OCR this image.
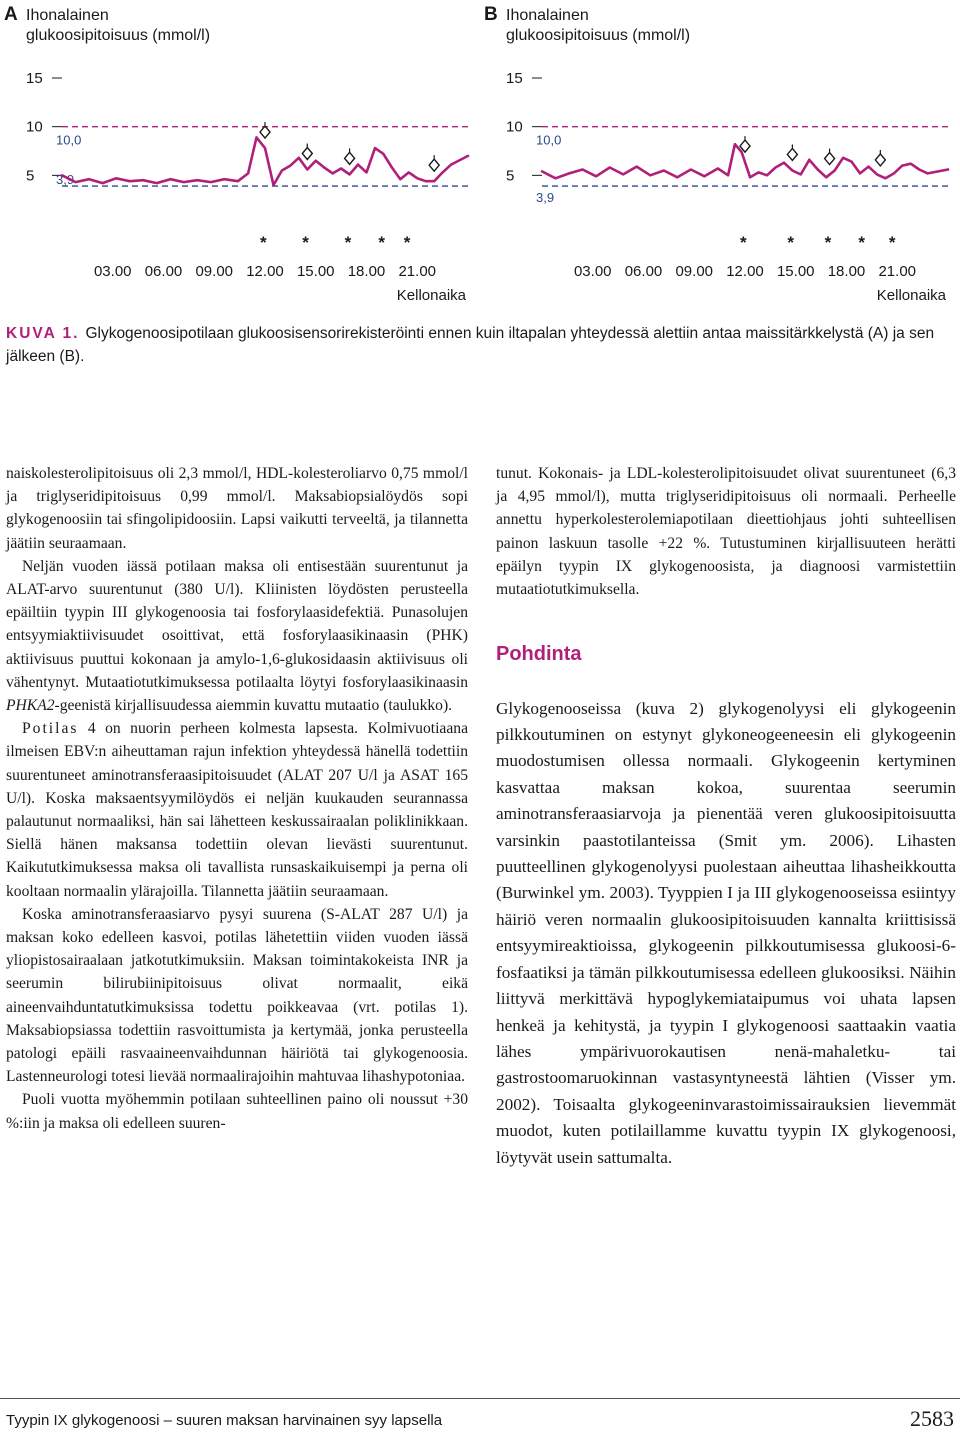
A Ihonalainen
glukoosipitoisuus (mmol/l)
5
10
15
10,0
3,9
* * * * *
03.00 06.00 09.00 12.00 15.00 18.00 21.00
Kellonaika
B Ihonalainen
glukoosipitoisuus (mmol/l)
5
10
15
10,0
3,9
* * * * *
03.00 06.00 09.00 12.00 15.00 18.00 21.00
Kellonaika
KUVA 1. Glykogenoosipotilaan glukoosisensorirekisteröinti ennen kuin iltapalan yhteydessä alettiin antaa maissitärkkelystä (A) ja sen jälkeen (B).

naiskolesterolipitoisuus oli 2,3 mmol/l, HDL-kolesteroliarvo 0,75 mmol/l ja triglyseridipitoisuus 0,99 mmol/l. Maksabiopsialöydös sopi glykogenoosiin tai sfingolipidoosiin. Lapsi vaikutti terveeltä, ja tilannetta jäätiin seuraamaan.

Neljän vuoden iässä potilaan maksa oli entisestään suurentunut ja ALAT-arvo suurentunut (380 U/l). Kliinisten löydösten perusteella epäiltiin tyypin III glykogenoosia tai fosforylaasidefektiä. Punasolujen entsyymiaktiivisuudet osoittivat, että fosforylaasikinaasin (PHK) aktiivisuus puuttui kokonaan ja amylo-1,6-glukosidaasin aktiivisuus oli vähentynyt. Mutaatiotutkimuksessa potilaalta löytyi fosforylaasikinaasin PHKA2-geenistä kirjallisuudessa aiemmin kuvattu mutaatio (taulukko).

Potilas 4 on nuorin perheen kolmesta lapsesta. Kolmivuotiaana ilmeisen EBV:n aiheuttaman rajun infektion yhteydessä hänellä todettiin suurentuneet aminotransferaasipitoisuudet (ALAT 207 U/l ja ASAT 165 U/l). Koska maksaentsyymilöydös ei neljän kuukauden seurannassa palautunut normaaliksi, hän sai lähetteen keskussairaalan poliklinikkaan. Siellä hänen maksansa todettiin olevan lievästi suurentunut. Kaikututkimuksessa maksa oli tavallista runsaskaikuisempi ja perna oli kooltaan normaalin ylärajoilla. Tilannetta jäätiin seuraamaan.

Koska aminotransferaasiarvo pysyi suurena (S-ALAT 287 U/l) ja maksan koko edelleen kasvoi, potilas lähetettiin viiden vuoden iässä yliopistosairaalaan jatkotutkimuksiin. Maksan toimintakokeista INR ja seerumin bilirubiinipitoisuus olivat normaalit, eikä aineenvaihduntatutkimuksissa todettu poikkeavaa (vrt. potilas 1). Maksabiopsiassa todettiin rasvoittumista ja kertymää, jonka perusteella patologi epäili rasvaaineenvaihdunnan häiriötä tai glykogenoosia. Lastenneurologi totesi lievää normaalirajoihin mahtuvaa lihashypotoniaa.

Puoli vuotta myöhemmin potilaan suhteellinen paino oli noussut +30 %:iin ja maksa oli edelleen suuren-

tunut. Kokonais- ja LDL-kolesterolipitoisuudet olivat suurentuneet (6,3 ja 4,95 mmol/l), mutta triglyseridipitoisuus oli normaali. Perheelle annettu hyperkolesterolemiapotilaan dieettiohjaus johti suhteellisen painon laskuun tasolle +22 %. Tutustuminen kirjallisuuteen herätti epäilyn tyypin IX glykogenoosista, ja diagnoosi varmistettiin mutaatiotutkimuksella.

Pohdinta

Glykogenooseissa (kuva 2) glykogenolyysi eli glykogeenin pilkkoutuminen on estynyt glykoneogeeneesin eli glykogeenin muodostumisen ollessa normaali. Glykogeenin kertyminen kasvattaa maksan kokoa, suurentaa seerumin aminotransferaasiarvoja ja pienentää veren glukoosipitoisuutta varsinkin paastotilanteissa (Smit ym. 2006). Lihasten puutteellinen glykogenolyysi puolestaan aiheuttaa lihasheikkoutta (Burwinkel ym. 2003). Tyyppien I ja III glykogenooseissa esiintyy häiriö veren normaalin glukoosipitoisuuden kannalta kriittisissä entsyymireaktioissa, glykogeenin pilkkoutumisessa glukoosi-6-fosfaatiksi ja tämän pilkkoutumisessa edelleen glukoosiksi. Näihin liittyvä merkittävä hypoglykemiataipumus voi uhata lapsen henkeä ja kehitystä, ja tyypin I glykogenoosi saattaakin vaatia lähes ympärivuorokautisen nenä-mahaletku- tai gastrostoomaruokinnan vastasyntyneestä lähtien (Visser ym. 2002). Toisaalta glykogeeninvarastoimissairauksien lievemmät muodot, kuten potilaillamme kuvattu tyypin IX glykogenoosi, löytyvät usein sattumalta.

Tyypin IX glykogenoosi – suuren maksan harvinainen syy lapsella	2583
